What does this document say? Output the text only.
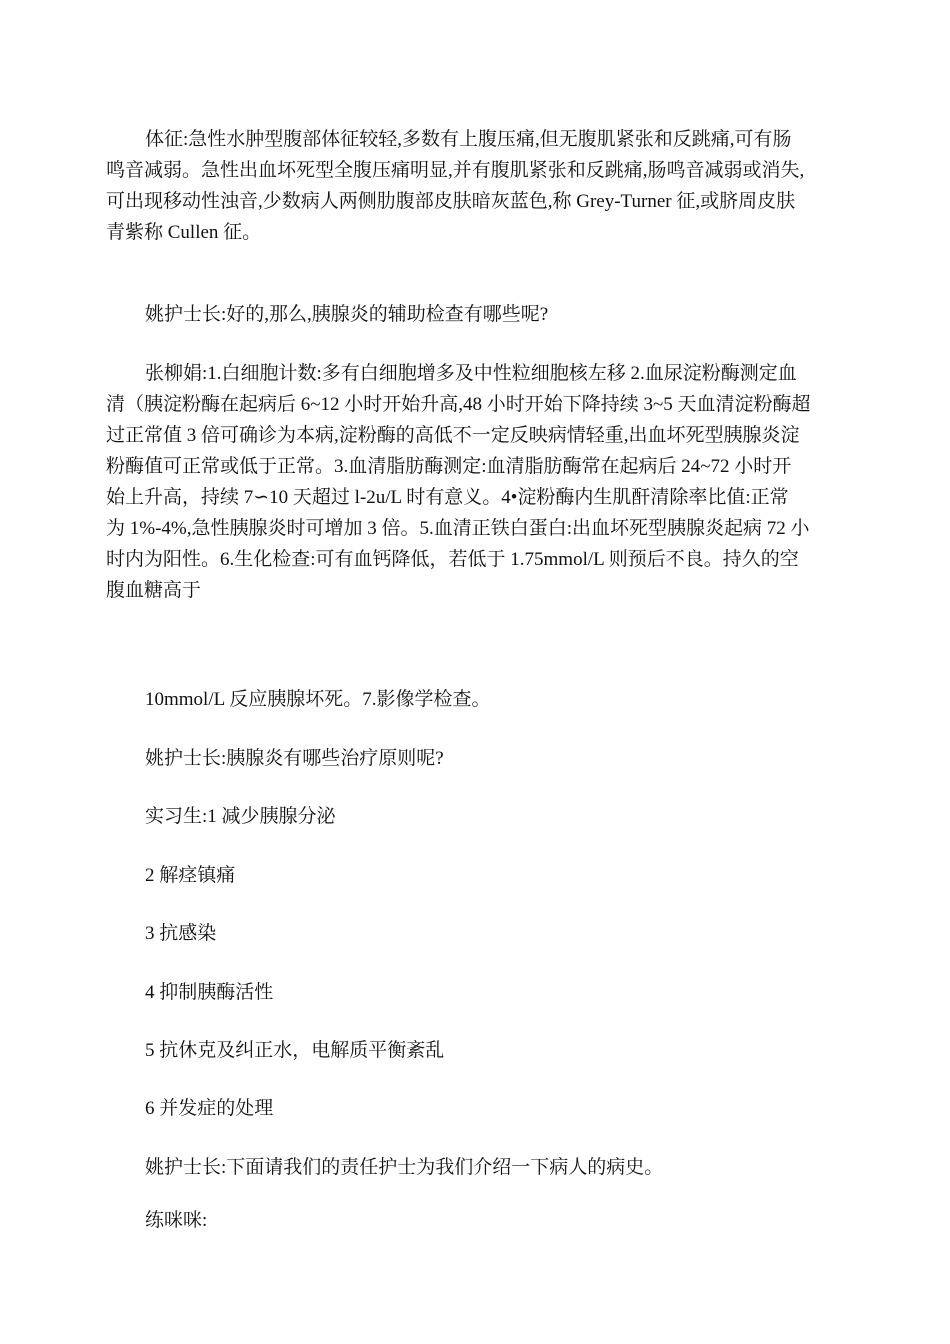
体征:急性水肿型腹部体征较轻,多数有上腹压痛,但无腹肌紧张和反跳痛,可有肠
鸣音减弱。急性出血坏死型全腹压痛明显,并有腹肌紧张和反跳痛,肠鸣音减弱或消失,
可出现移动性浊音,少数病人两侧肋腹部皮肤暗灰蓝色,称 Grey-Turner 征,或脐周皮肤
青紫称 Cullen 征。
姚护士长:好的,那么,胰腺炎的辅助检查有哪些呢?
张柳娟:1.白细胞计数:多有白细胞增多及中性粒细胞核左移 2.血尿淀粉酶测定血
清（胰淀粉酶在起病后 6~12 小时开始升高,48 小时开始下降持续 3~5 天血清淀粉酶超
过正常值 3 倍可确诊为本病,淀粉酶的高低不一定反映病情轻重,出血坏死型胰腺炎淀
粉酶值可正常或低于正常。3.血清脂肪酶测定:血清脂肪酶常在起病后 24~72 小时开
始上升高，持续 7∽10 天超过 l-2u/L 时有意义。4•淀粉酶内生肌酐清除率比值:正常
为 1%-4%,急性胰腺炎时可增加 3 倍。5.血清正铁白蛋白:出血坏死型胰腺炎起病 72 小
时内为阳性。6.生化检查:可有血钙降低，若低于 1.75mmol/L 则预后不良。持久的空
腹血糖高于

10mmol/L 反应胰腺坏死。7.影像学检查。

姚护士长:胰腺炎有哪些治疗原则呢?

实习生:1 减少胰腺分泌

2 解痉镇痛

3 抗感染

4 抑制胰酶活性

5 抗休克及纠正水，电解质平衡紊乱

6 并发症的处理

姚护士长:下面请我们的责任护士为我们介绍一下病人的病史。

练咪咪:
